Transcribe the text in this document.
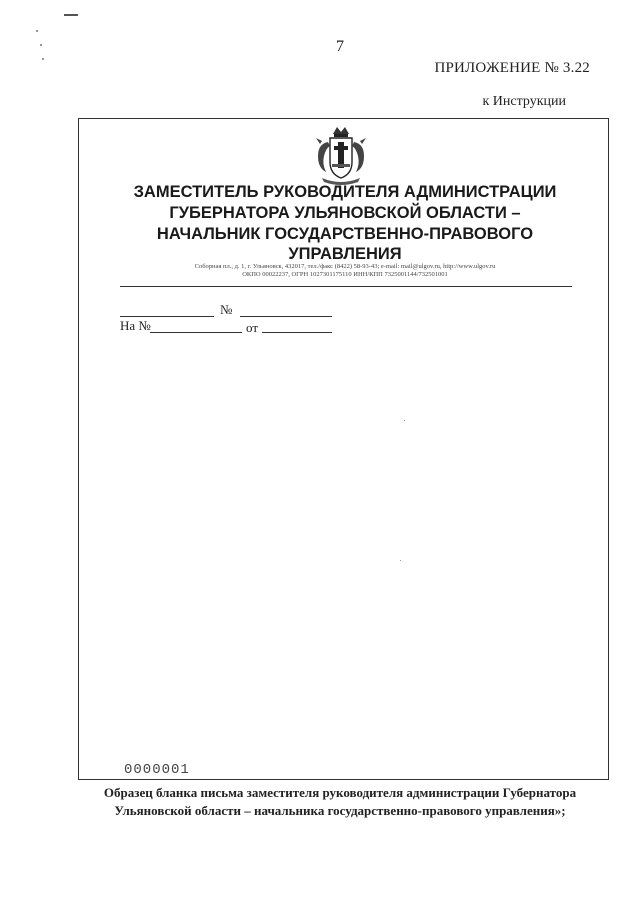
7
ПРИЛОЖЕНИЕ № 3.22
к Инструкции
ЗАМЕСТИТЕЛЬ РУКОВОДИТЕЛЯ АДМИНИСТРАЦИИ
ГУБЕРНАТОРА УЛЬЯНОВСКОЙ ОБЛАСТИ –
НАЧАЛЬНИК ГОСУДАРСТВЕННО-ПРАВОВОГО УПРАВЛЕНИЯ
Соборная пл., д. 1, г. Ульяновск, 432017, тел./факс (8422) 58-93-43; e-mail: mail@ulgov.ru, http://www.ulgov.ru
ОКПО 00022237, ОГРН 1027301175110 ИНН/КПП 7325001144/732501001
№
На №	от
0000001
Образец бланка письма заместителя руководителя администрации Губернатора
Ульяновской области – начальника государственно-правового управления»;
